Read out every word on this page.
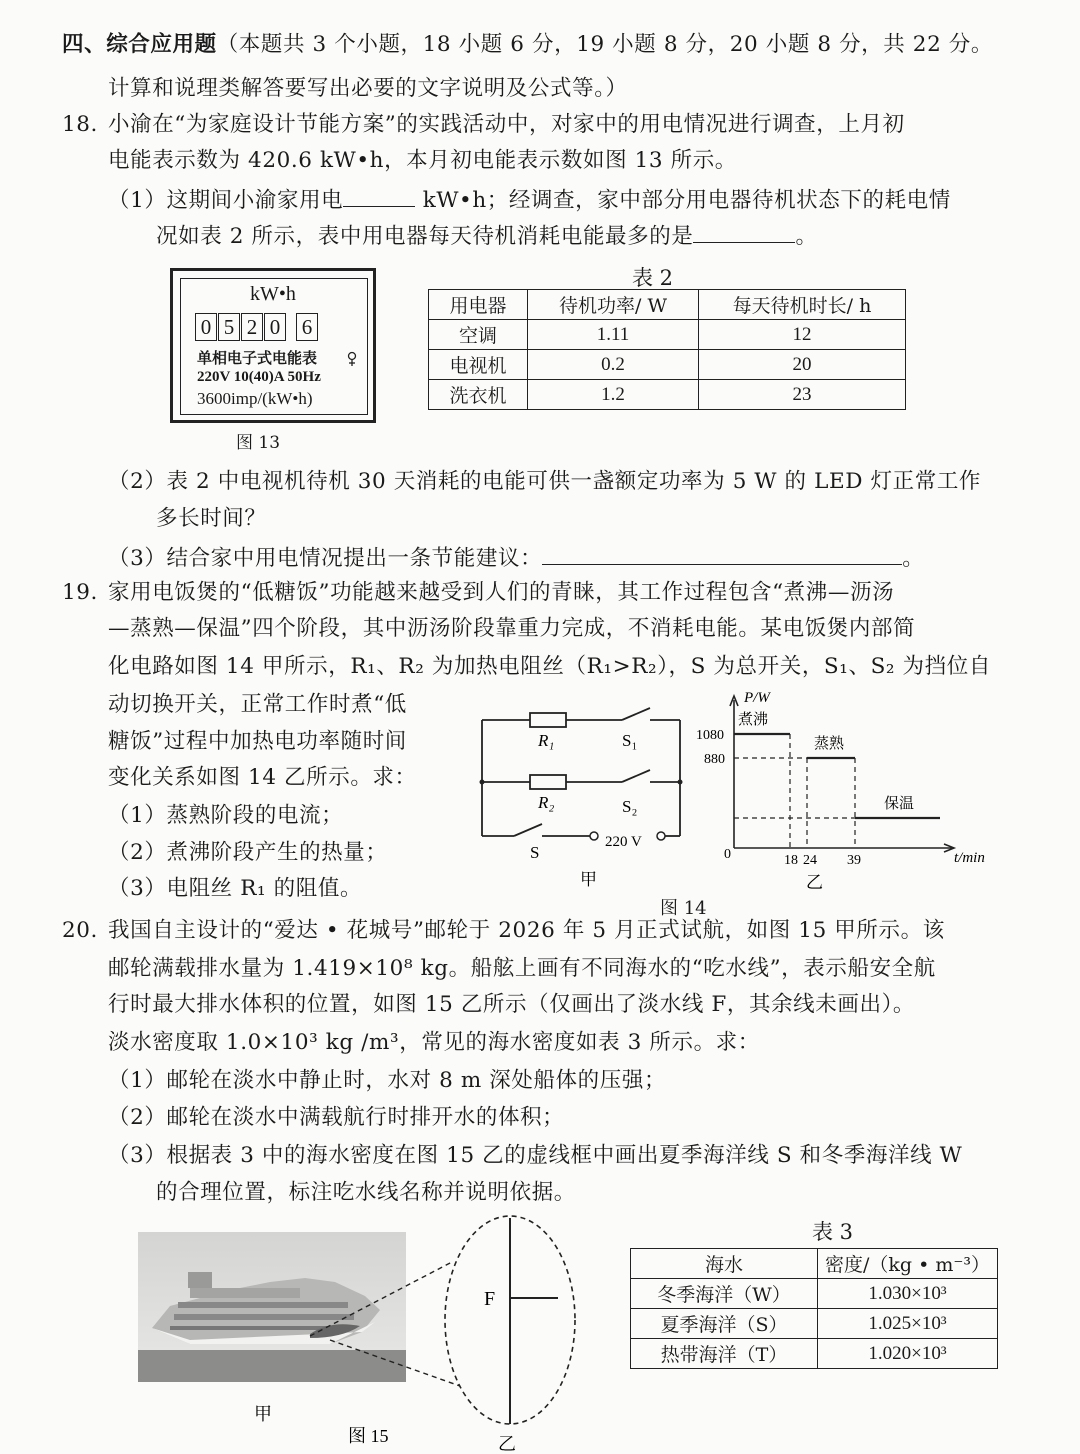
四、综合应用题（本题共 3 个小题，18 小题 6 分，19 小题 8 分，20 小题 8 分，共 22 分。
计算和说理类解答要写出必要的文字说明及公式等。）
18. 小渝在“为家庭设计节能方案”的实践活动中，对家中的用电情况进行调查，上月初
电能表示数为 420.6 kW•h，本月初电能表示数如图 13 所示。
（1）这期间小渝家用电	kW•h；经调查，家中部分用电器待机状态下的耗电情
况如表 2 所示，表中用电器每天待机消耗电能最多的是	。
kW•h
0 5 2 0 6
单相电子式电能表
220V 10(40)A 50Hz
3600imp/(kW•h)
图 13
表 2
用电器	待机功率/ W	每天待机时长/ h
空调	1.11	12
电视机	0.2	20
洗衣机	1.2	23
（2）表 2 中电视机待机 30 天消耗的电能可供一盏额定功率为 5 W 的 LED 灯正常工作
多长时间？
（3）结合家中用电情况提出一条节能建议：	。
19. 家用电饭煲的“低糖饭”功能越来越受到人们的青睐，其工作过程包含“煮沸—沥汤
—蒸熟—保温”四个阶段，其中沥汤阶段靠重力完成，不消耗电能。某电饭煲内部简
化电路如图 14 甲所示，R₁、R₂ 为加热电阻丝（R₁>R₂），S 为总开关，S₁、S₂ 为挡位自
动切换开关，正常工作时煮“低
糖饭”过程中加热电功率随时间
变化关系如图 14 乙所示。求：
（1）蒸熟阶段的电流；
（2）煮沸阶段产生的热量；
（3）电阻丝 R₁ 的阻值。
R₁	S₁
R₂	S₂
S
220 V
甲
P/W
煮沸
蒸熟
保温
1080
880
0	18 24 39	t/min
乙
图 14
20. 我国自主设计的“爱达 • 花城号”邮轮于 2026 年 5 月正式试航，如图 15 甲所示。该
邮轮满载排水量为 1.419×10⁸ kg。船舷上画有不同海水的“吃水线”，表示船安全航
行时最大排水体积的位置，如图 15 乙所示（仅画出了淡水线 F，其余线未画出）。
淡水密度取 1.0×10³ kg /m³，常见的海水密度如表 3 所示。求：
（1）邮轮在淡水中静止时，水对 8 m 深处船体的压强；
（2）邮轮在淡水中满载航行时排开水的体积；
（3）根据表 3 中的海水密度在图 15 乙的虚线框中画出夏季海洋线 S 和冬季海洋线 W
的合理位置，标注吃水线名称并说明依据。
F
甲
乙
图 15
表 3
海水	密度/（kg • m⁻³）
冬季海洋（W）	1.030×10³
夏季海洋（S）	1.025×10³
热带海洋（T）	1.020×10³
